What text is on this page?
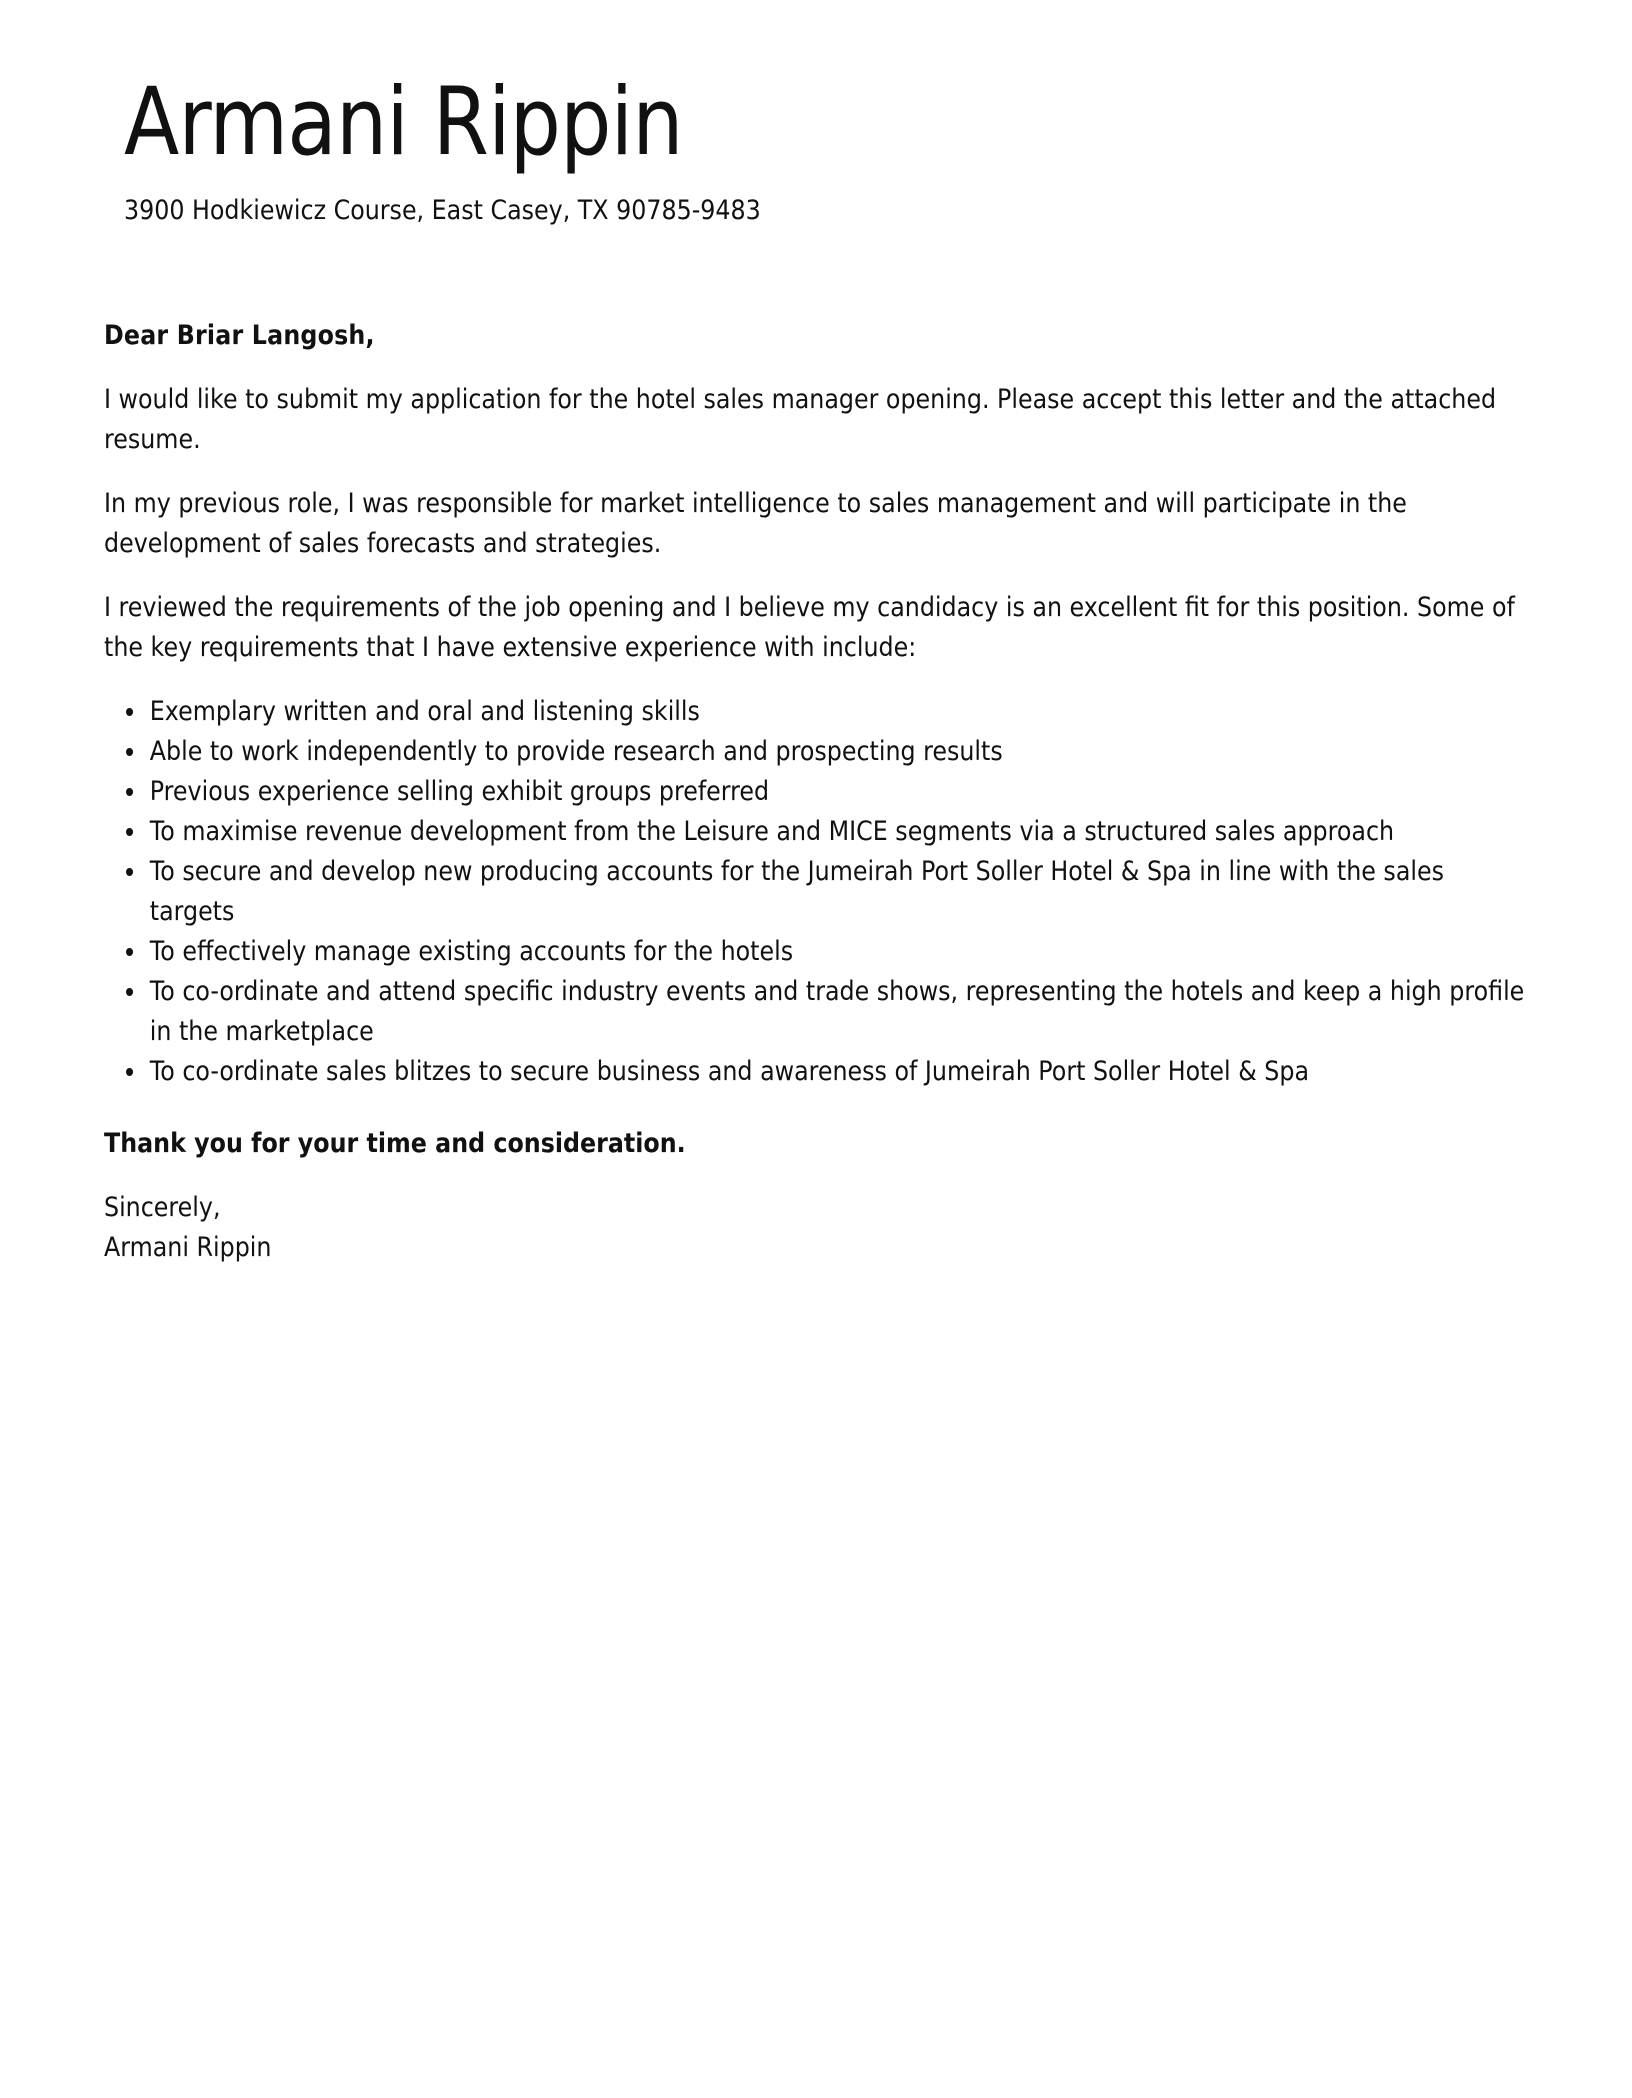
Armani Rippin
3900 Hodkiewicz Course, East Casey, TX 90785-9483

Dear Briar Langosh,

I would like to submit my application for the hotel sales manager opening. Please accept this letter and the attached resume.

In my previous role, I was responsible for market intelligence to sales management and will participate in the development of sales forecasts and strategies.

I reviewed the requirements of the job opening and I believe my candidacy is an excellent fit for this position. Some of the key requirements that I have extensive experience with include:

• Exemplary written and oral and listening skills
• Able to work independently to provide research and prospecting results
• Previous experience selling exhibit groups preferred
• To maximise revenue development from the Leisure and MICE segments via a structured sales approach
• To secure and develop new producing accounts for the Jumeirah Port Soller Hotel & Spa in line with the sales targets
• To effectively manage existing accounts for the hotels
• To co-ordinate and attend specific industry events and trade shows, representing the hotels and keep a high profile in the marketplace
• To co-ordinate sales blitzes to secure business and awareness of Jumeirah Port Soller Hotel & Spa

Thank you for your time and consideration.

Sincerely,
Armani Rippin
